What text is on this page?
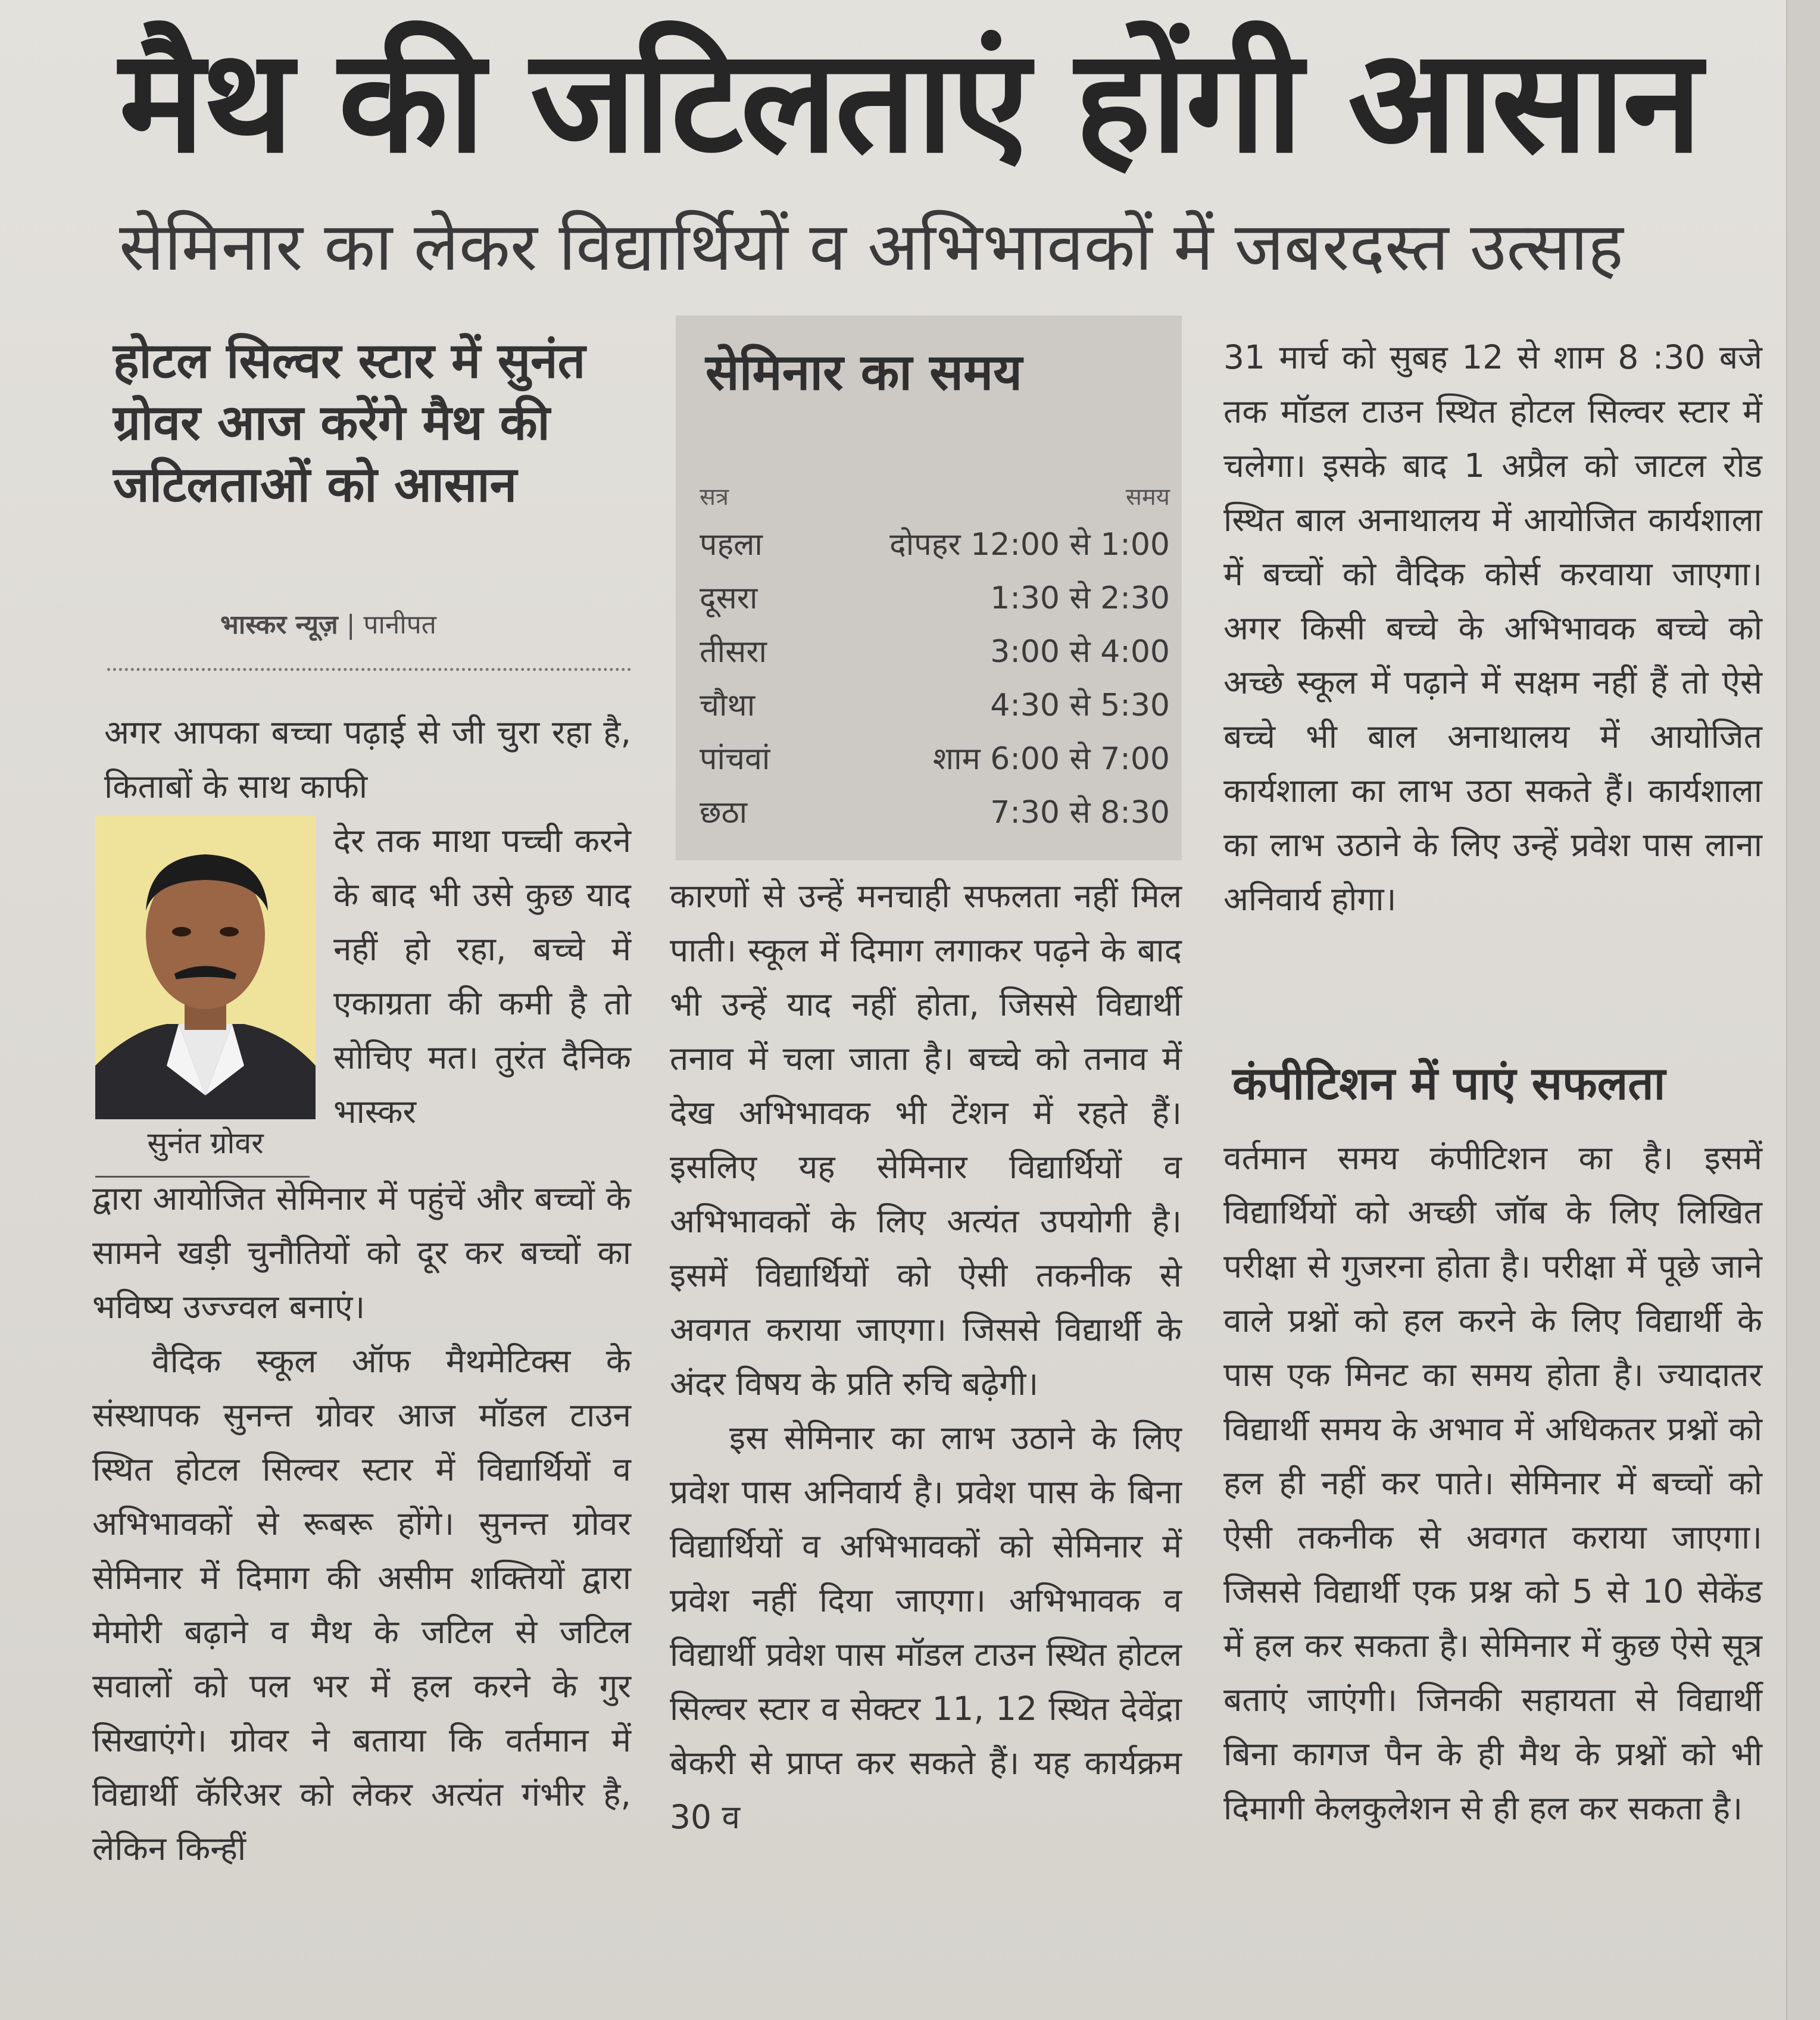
मैथ की जटिलताएं होंगी आसान
सेमिनार का लेकर विद्यार्थियों व अभिभावकों में जबरदस्त उत्साह
होटल सिल्वर स्टार में सुनंत ग्रोवर आज करेंगे मैथ की जटिलताओं को आसान
भास्कर न्यूज़ | पानीपत
अगर आपका बच्चा पढ़ाई से जी चुरा रहा है, किताबों के साथ काफी
सुनंत ग्रोवर
देर तक माथा पच्ची करने के बाद भी उसे कुछ याद नहीं हो रहा, बच्चे में एकाग्रता की कमी है तो सोचिए मत। तुरंत दैनिक भास्कर

द्वारा आयोजित सेमिनार में पहुंचें और बच्चों के सामने खड़ी चुनौतियों को दूर कर बच्चों का भविष्य उज्ज्वल बनाएं।

वैदिक स्कूल ऑफ मैथमेटिक्स के संस्थापक सुनन्त ग्रोवर आज मॉडल टाउन स्थित होटल सिल्वर स्टार में विद्यार्थियों व अभिभावकों से रूबरू होंगे। सुनन्त ग्रोवर सेमिनार में दिमाग की असीम शक्तियों द्वारा मेमोरी बढ़ाने व मैथ के जटिल से जटिल सवालों को पल भर में हल करने के गुर सिखाएंगे। ग्रोवर ने बताया कि वर्तमान में विद्यार्थी कॅरिअर को लेकर अत्यंत गंभीर है, लेकिन किन्हीं

सेमिनार का समय
सत्र	समय
पहला	दोपहर 12:00 से 1:00
दूसरा	1:30 से 2:30
तीसरा	3:00 से 4:00
चौथा	4:30 से 5:30
पांचवां	शाम 6:00 से 7:00
छठा	7:30 से 8:30

कारणों से उन्हें मनचाही सफलता नहीं मिल पाती। स्कूल में दिमाग लगाकर पढ़ने के बाद भी उन्हें याद नहीं होता, जिससे विद्यार्थी तनाव में चला जाता है। बच्चे को तनाव में देख अभिभावक भी टेंशन में रहते हैं। इसलिए यह सेमिनार विद्यार्थियों व अभिभावकों के लिए अत्यंत उपयोगी है। इसमें विद्यार्थियों को ऐसी तकनीक से अवगत कराया जाएगा। जिससे विद्यार्थी के अंदर विषय के प्रति रुचि बढ़ेगी।

इस सेमिनार का लाभ उठाने के लिए प्रवेश पास अनिवार्य है। प्रवेश पास के बिना विद्यार्थियों व अभिभावकों को सेमिनार में प्रवेश नहीं दिया जाएगा। अभिभावक व विद्यार्थी प्रवेश पास मॉडल टाउन स्थित होटल सिल्वर स्टार व सेक्टर 11, 12 स्थित देवेंद्रा बेकरी से प्राप्त कर सकते हैं। यह कार्यक्रम 30 व

31 मार्च को सुबह 12 से शाम 8 :30 बजे तक मॉडल टाउन स्थित होटल सिल्वर स्टार में चलेगा। इसके बाद 1 अप्रैल को जाटल रोड स्थित बाल अनाथालय में आयोजित कार्यशाला में बच्चों को वैदिक कोर्स करवाया जाएगा। अगर किसी बच्चे के अभिभावक बच्चे को अच्छे स्कूल में पढ़ाने में सक्षम नहीं हैं तो ऐसे बच्चे भी बाल अनाथालय में आयोजित कार्यशाला का लाभ उठा सकते हैं। कार्यशाला का लाभ उठाने के लिए उन्हें प्रवेश पास लाना अनिवार्य होगा।
कंपीटिशन में पाएं सफलता
वर्तमान समय कंपीटिशन का है। इसमें विद्यार्थियों को अच्छी जॉब के लिए लिखित परीक्षा से गुजरना होता है। परीक्षा में पूछे जाने वाले प्रश्नों को हल करने के लिए विद्यार्थी के पास एक मिनट का समय होता है। ज्यादातर विद्यार्थी समय के अभाव में अधिकतर प्रश्नों को हल ही नहीं कर पाते। सेमिनार में बच्चों को ऐसी तकनीक से अवगत कराया जाएगा। जिससे विद्यार्थी एक प्रश्न को 5 से 10 सेकेंड में हल कर सकता है। सेमिनार में कुछ ऐसे सूत्र बताएं जाएंगी। जिनकी सहायता से विद्यार्थी बिना कागज पैन के ही मैथ के प्रश्नों को भी दिमागी केलकुलेशन से ही हल कर सकता है।
